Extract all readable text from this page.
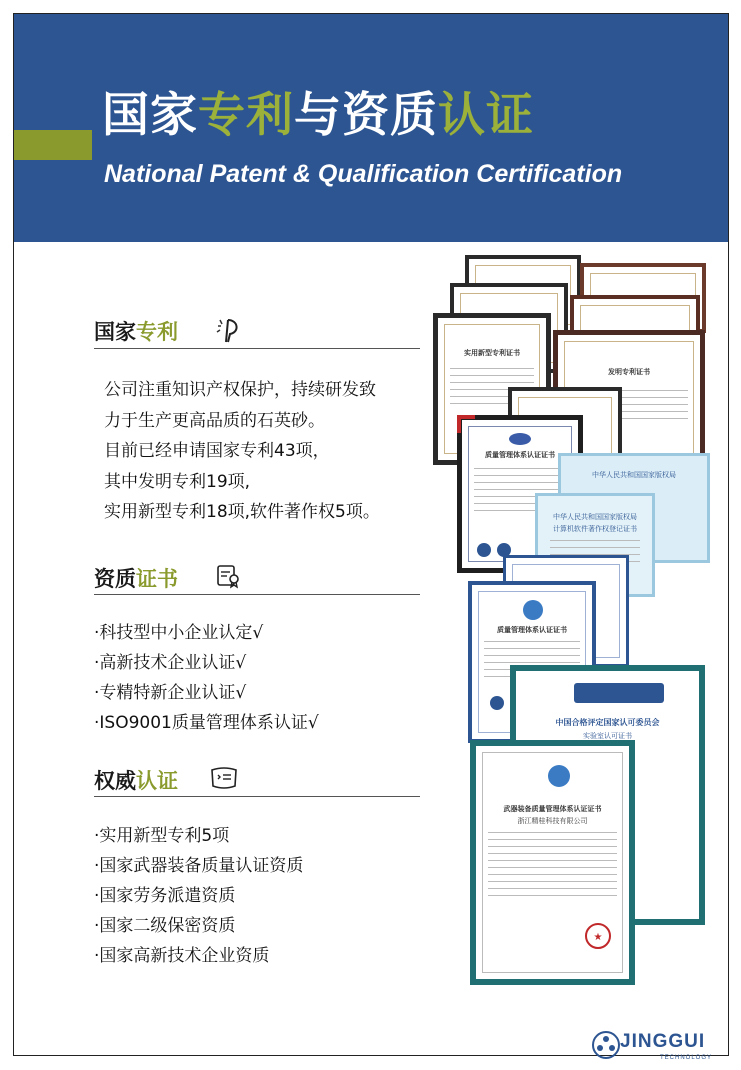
国家专利与资质认证
National Patent & Qualification Certification
国家专利
公司注重知识产权保护，持续研发致
力于生产更高品质的石英砂。
目前已经申请国家专利43项，
其中发明专利19项,
实用新型专利18项,软件著作权5项。
资质证书
·科技型中小企业认定√
·高新技术企业认证√
·专精特新企业认证√
·ISO9001质量管理体系认证√
权威认证
·实用新型专利5项
·国家武器装备质量认证资质
·国家劳务派遣资质
·国家二级保密资质
·国家高新技术企业资质
实用新型专利证书
发明专利证书
质量管理体系认证证书
中华人民共和国国家版权局
中华人民共和国国家版权局
计算机软件著作权登记证书
质量管理体系认证证书
中国合格评定国家认可委员会
实验室认可证书
武器装备质量管理体系认证证书
浙江精桂科技有限公司
★
JINGGUI
TECHNOLOGY
